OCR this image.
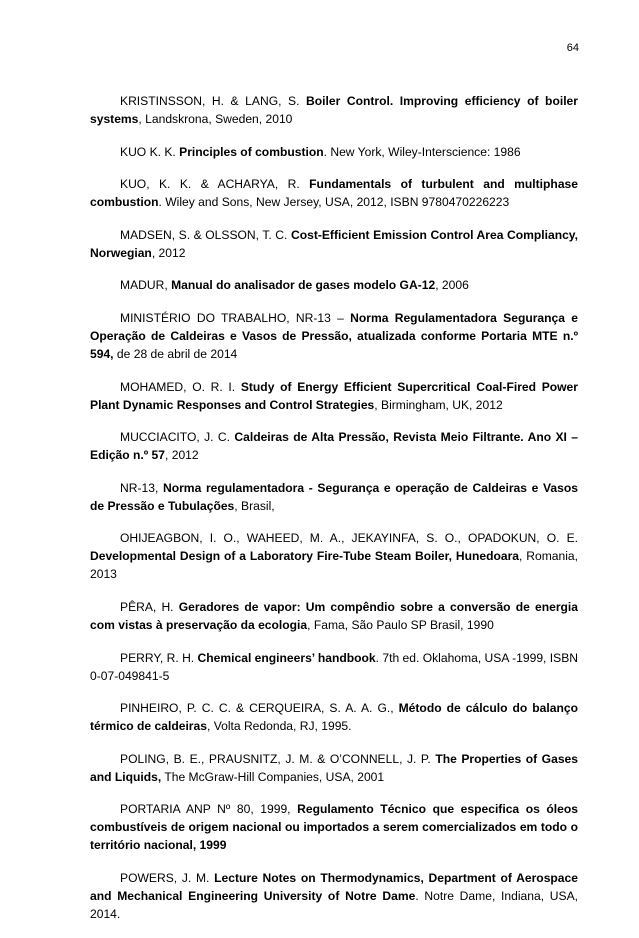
64

KRISTINSSON, H. & LANG, S. Boiler Control. Improving efficiency of boiler systems, Landskrona, Sweden, 2010

KUO K. K. Principles of combustion. New York, Wiley-Interscience: 1986

KUO, K. K. & ACHARYA, R. Fundamentals of turbulent and multiphase combustion. Wiley and Sons, New Jersey, USA, 2012, ISBN 9780470226223

MADSEN, S. & OLSSON, T. C. Cost-Efficient Emission Control Area Compliancy, Norwegian, 2012

MADUR, Manual do analisador de gases modelo GA-12, 2006

MINISTÉRIO DO TRABALHO, NR-13 – Norma Regulamentadora Segurança e Operação de Caldeiras e Vasos de Pressão, atualizada conforme Portaria MTE n.º 594, de 28 de abril de 2014

MOHAMED, O. R. I. Study of Energy Efficient Supercritical Coal-Fired Power Plant Dynamic Responses and Control Strategies, Birmingham, UK, 2012

MUCCIACITO, J. C. Caldeiras de Alta Pressão, Revista Meio Filtrante. Ano XI – Edição n.º 57, 2012

NR-13, Norma regulamentadora - Segurança e operação de Caldeiras e Vasos de Pressão e Tubulações, Brasil,

OHIJEAGBON, I. O., WAHEED, M. A., JEKAYINFA, S. O., OPADOKUN, O. E. Developmental Design of a Laboratory Fire-Tube Steam Boiler, Hunedoara, Romania, 2013

PÊRA, H. Geradores de vapor: Um compêndio sobre a conversão de energia com vistas à preservação da ecologia, Fama, São Paulo SP Brasil, 1990

PERRY, R. H. Chemical engineers’ handbook. 7th ed. Oklahoma, USA -1999, ISBN 0-07-049841-5

PINHEIRO, P. C. C. & CERQUEIRA, S. A. A. G., Método de cálculo do balanço térmico de caldeiras, Volta Redonda, RJ, 1995.

POLING, B. E., PRAUSNITZ, J. M. & O’CONNELL, J. P. The Properties of Gases and Liquids, The McGraw-Hill Companies, USA, 2001

PORTARIA ANP Nº 80, 1999, Regulamento Técnico que especifica os óleos combustíveis de origem nacional ou importados a serem comercializados em todo o território nacional, 1999

POWERS, J. M. Lecture Notes on Thermodynamics, Department of Aerospace and Mechanical Engineering University of Notre Dame. Notre Dame, Indiana, USA, 2014.
